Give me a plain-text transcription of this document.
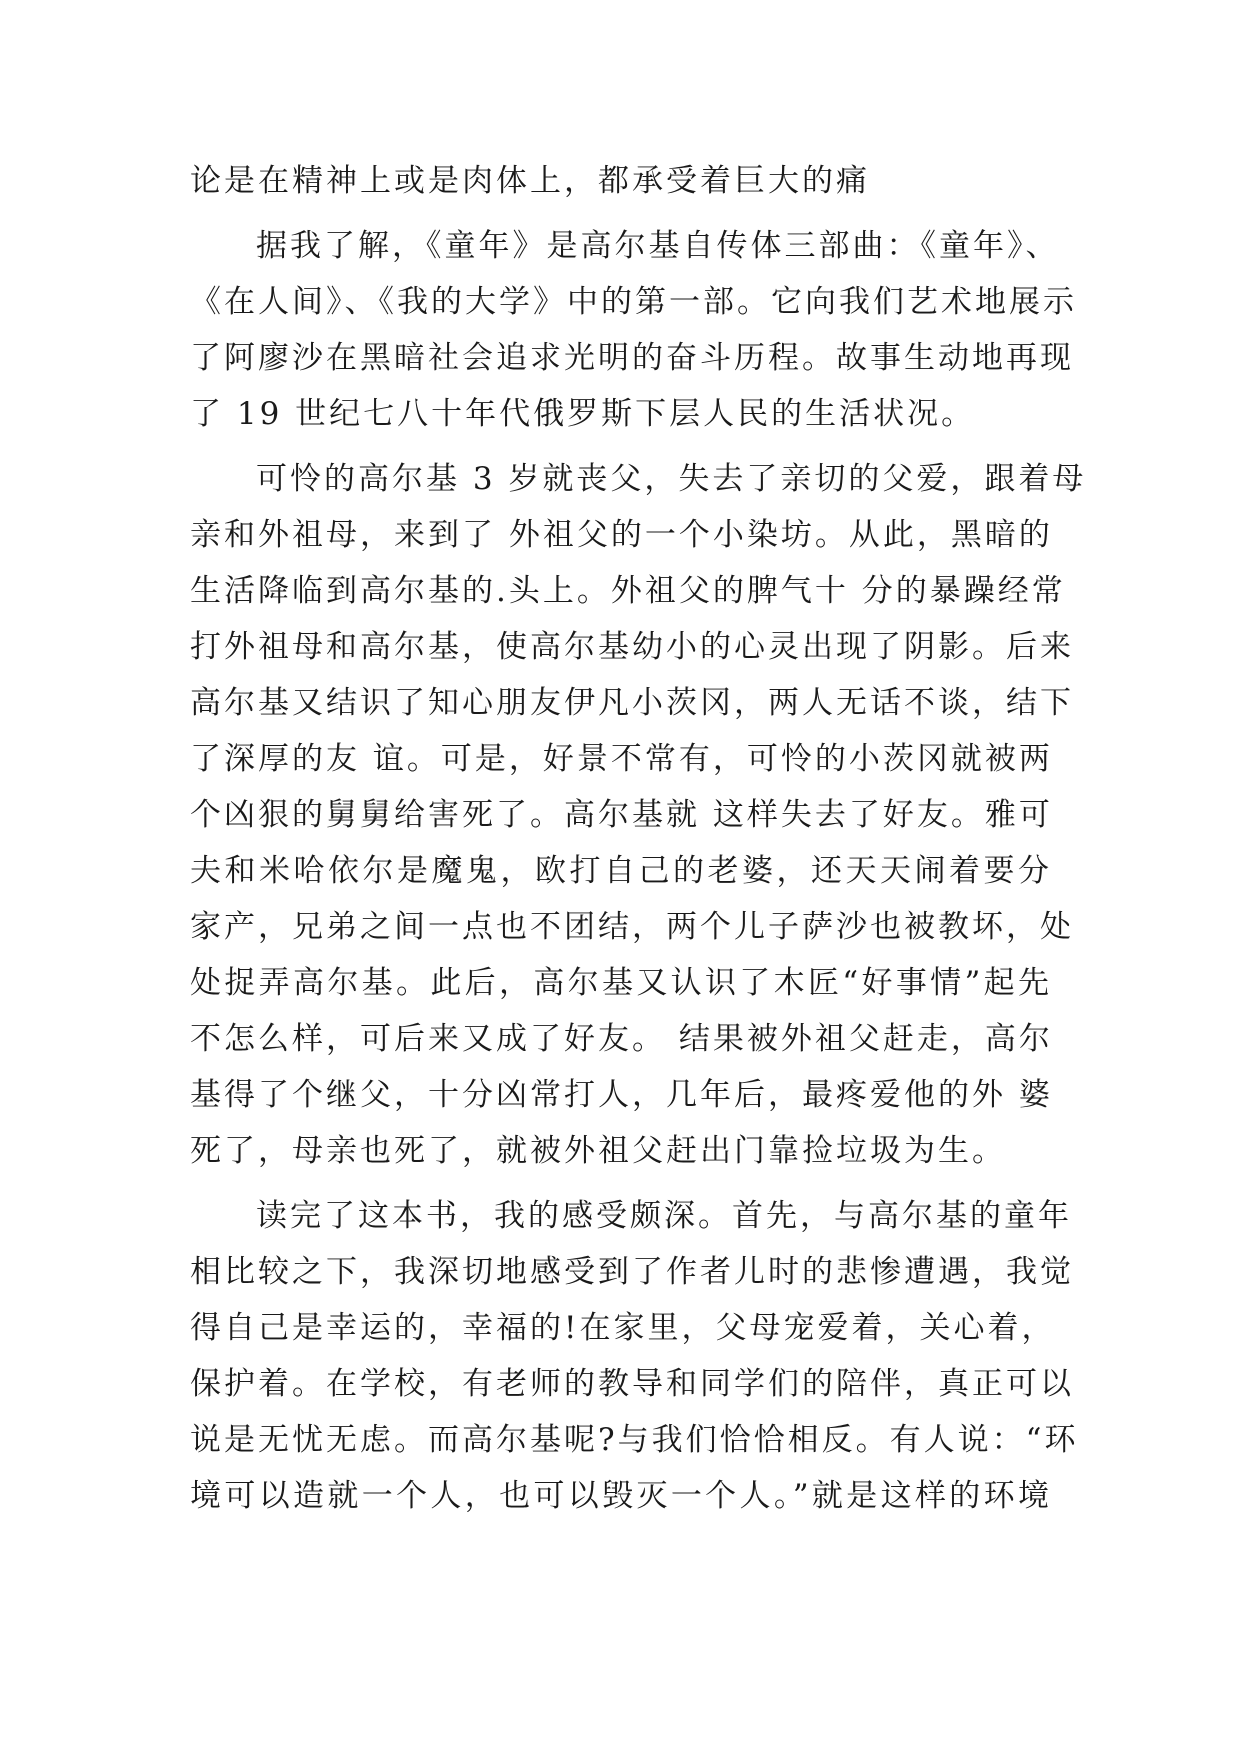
论是在精神上或是肉体上，都承受着巨大的痛
据我了解，《童年》是高尔基自传体三部曲：《童年》、
《在人间》、《我的大学》中的第一部。它向我们艺术地展示
了阿廖沙在黑暗社会追求光明的奋斗历程。故事生动地再现
了 19 世纪七八十年代俄罗斯下层人民的生活状况。
可怜的高尔基 3 岁就丧父，失去了亲切的父爱，跟着母
亲和外祖母，来到了 外祖父的一个小染坊。从此，黑暗的
生活降临到高尔基的.头上。外祖父的脾气十 分的暴躁经常
打外祖母和高尔基，使高尔基幼小的心灵出现了阴影。后来
高尔基又结识了知心朋友伊凡小茨冈，两人无话不谈，结下
了深厚的友 谊。可是，好景不常有，可怜的小茨冈就被两
个凶狠的舅舅给害死了。高尔基就 这样失去了好友。雅可
夫和米哈依尔是魔鬼，欧打自己的老婆，还天天闹着要分
家产，兄弟之间一点也不团结，两个儿子萨沙也被教坏，处
处捉弄高尔基。此后，高尔基又认识了木匠“好事情”起先
不怎么样，可后来又成了好友。 结果被外祖父赶走，高尔
基得了个继父，十分凶常打人，几年后，最疼爱他的外 婆
死了，母亲也死了，就被外祖父赶出门靠捡垃圾为生。
读完了这本书，我的感受颇深。首先，与高尔基的童年
相比较之下，我深切地感受到了作者儿时的悲惨遭遇，我觉
得自己是幸运的，幸福的!在家里，父母宠爱着，关心着，
保护着。在学校，有老师的教导和同学们的陪伴，真正可以
说是无忧无虑。而高尔基呢?与我们恰恰相反。有人说：“环
境可以造就一个人，也可以毁灭一个人。”就是这样的环境
